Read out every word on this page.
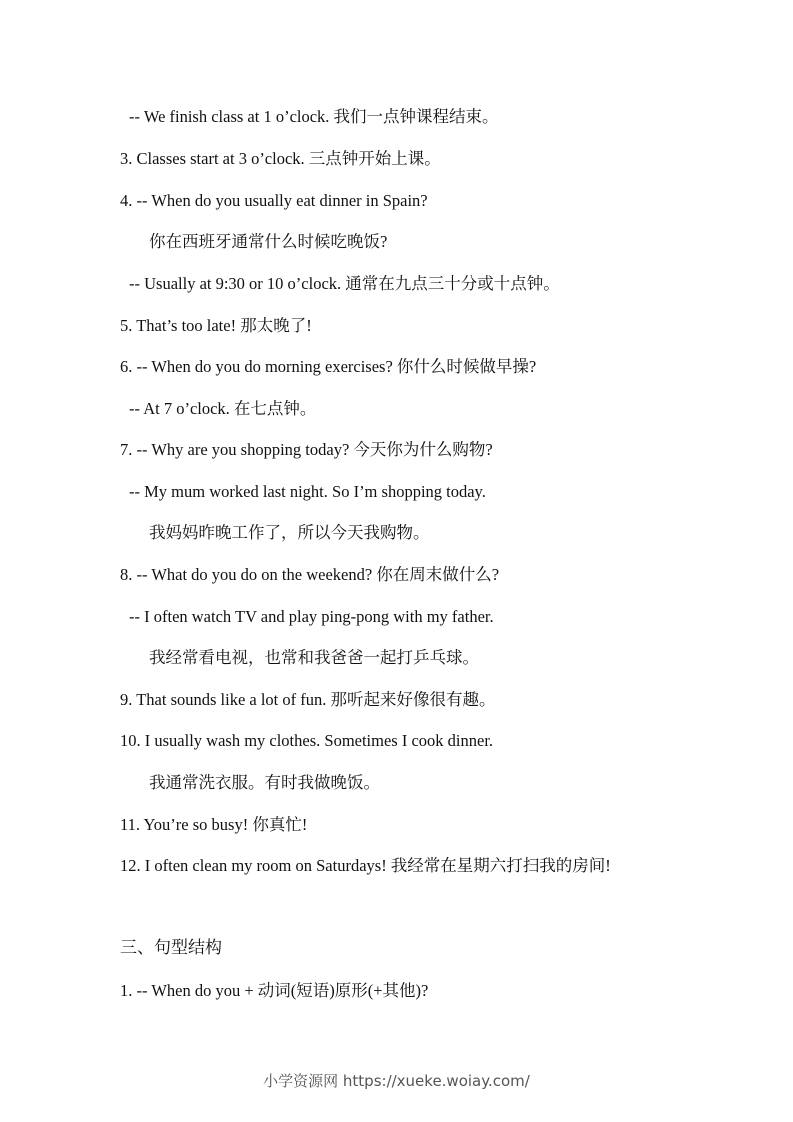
-- We finish class at 1 o’clock. 我们一点钟课程结束。
3. Classes start at 3 o’clock. 三点钟开始上课。
4. -- When do you usually eat dinner in Spain?
你在西班牙通常什么时候吃晚饭?
-- Usually at 9:30 or 10 o’clock. 通常在九点三十分或十点钟。
5. That’s too late! 那太晚了!
6. -- When do you do morning exercises? 你什么时候做早操?
-- At 7 o’clock. 在七点钟。
7. -- Why are you shopping today? 今天你为什么购物?
-- My mum worked last night. So I’m shopping today.
我妈妈昨晚工作了，所以今天我购物。
8. -- What do you do on the weekend? 你在周末做什么?
-- I often watch TV and play ping-pong with my father.
我经常看电视，也常和我爸爸一起打乒乓球。
9. That sounds like a lot of fun. 那听起来好像很有趣。
10. I usually wash my clothes. Sometimes I cook dinner.
我通常洗衣服。有时我做晚饭。
11. You’re so busy! 你真忙!
12. I often clean my room on Saturdays! 我经常在星期六打扫我的房间!
三、句型结构
1. -- When do you + 动词(短语)原形(+其他)?
小学资源网 https://xueke.woiay.com/
